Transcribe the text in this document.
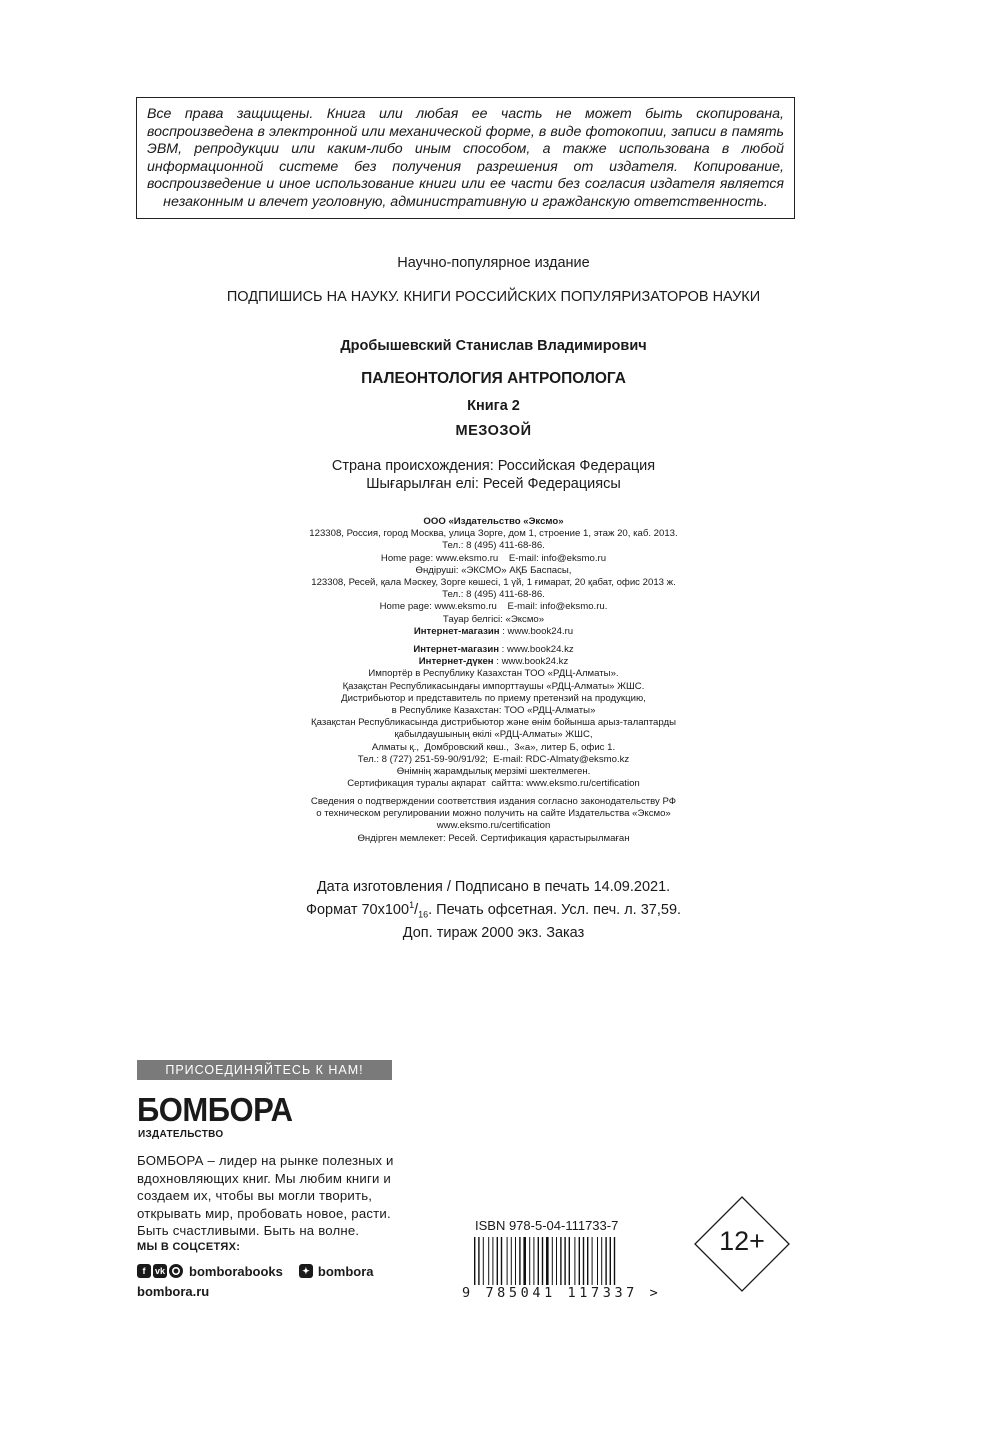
Все права защищены. Книга или любая ее часть не может быть скопирована, воспроизведена в электронной или механической форме, в виде фотокопии, записи в память ЭВМ, репродукции или каким-либо иным способом, а также использована в любой информационной системе без получения разрешения от издателя. Копирование, воспроизведение и иное использование книги или ее части без согласия издателя является незаконным и влечет уголовную, административную и гражданскую ответственность.
Научно-популярное издание
ПОДПИШИСЬ НА НАУКУ. КНИГИ РОССИЙСКИХ ПОПУЛЯРИЗАТОРОВ НАУКИ
Дробышевский Станислав Владимирович
ПАЛЕОНТОЛОГИЯ АНТРОПОЛОГА
Книга 2
МЕЗОЗОЙ
Страна происхождения: Российская Федерация
Шығарылған елі: Ресей Федерациясы
ООО «Издательство «Эксмо»
123308, Россия, город Москва, улица Зорге, дом 1, строение 1, этаж 20, каб. 2013.
Тел.: 8 (495) 411-68-86.
Home page: www.eksmo.ru    E-mail: info@eksmo.ru
Өндіруші: «ЭКСМО» АҚБ Баспасы,
123308, Ресей, қала Мәскеу, Зорге көшесі, 1 үй, 1 ғимарат, 20 қабат, офис 2013 ж.
Тел.: 8 (495) 411-68-86.
Home page: www.eksmo.ru    E-mail: info@eksmo.ru.
Тауар белгісі: «Эксмо»
Интернет-магазин : www.book24.ru
Интернет-магазин : www.book24.kz
Интернет-дүкен : www.book24.kz
Импортёр в Республику Казахстан ТОО «РДЦ-Алматы».
Қазақстан Республикасындағы импорттаушы «РДЦ-Алматы» ЖШС.
Дистрибьютор и представитель по приему претензий на продукцию,
в Республике Казахстан: ТОО «РДЦ-Алматы»
Қазақстан Республикасында дистрибьютор және өнім бойынша арыз-талаптарды
қабылдаушының өкілі «РДЦ-Алматы» ЖШС,
Алматы қ.,  Домбровский көш.,  3«а», литер Б, офис 1.
Тел.: 8 (727) 251-59-90/91/92;  E-mail: RDC-Almaty@eksmo.kz
Өнімнің жарамдылық мерзімі шектелмеген.
Сертификация туралы ақпарат  сайтта: www.eksmo.ru/certification
Сведения о подтверждении соответствия издания согласно законодательству РФ
о техническом регулировании можно получить на сайте Издательства «Эксмо»
www.eksmo.ru/certification
Өндірген мемлекет: Ресей. Сертификация қарастырылмаған
Дата изготовления / Подписано в печать 14.09.2021.
Формат $70x100^1/_{16}$. Печать офсетная. Усл. печ. л. 37,59.
Доп. тираж 2000 экз. Заказ
ПРИСОЕДИНЯЙТЕСЬ К НАМ!
БОМБОРА
ИЗДАТЕЛЬСТВО
БОМБОРА – лидер на рынке полезных и вдохновляющих книг. Мы любим книги и создаем их, чтобы вы могли творить, открывать мир, пробовать новое, расти. Быть счастливыми. Быть на волне.
МЫ В СОЦСЕТЯХ:
f	vk bomborabooks	✦ bombora
bombora.ru
ISBN 978-5-04-111733-7
9 785041 117337 >
12+
